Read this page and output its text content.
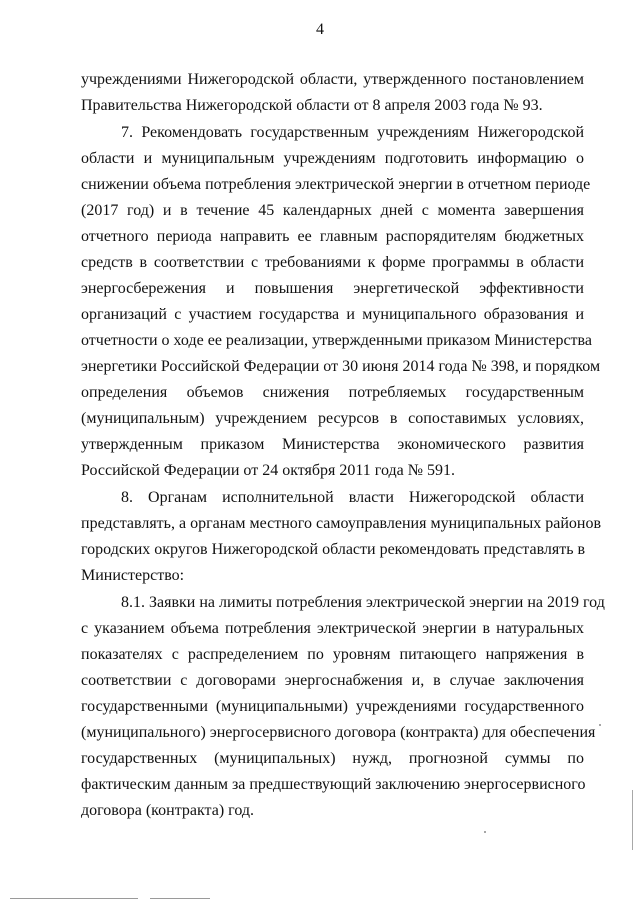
4
учреждениями Нижегородской области, утвержденного постановлением
Правительства Нижегородской области от 8 апреля 2003 года № 93.
7. Рекомендовать государственным учреждениям Нижегородской
области и муниципальным учреждениям подготовить информацию о
снижении объема потребления электрической энергии в отчетном периоде
(2017 год) и в течение 45 календарных дней с момента завершения
отчетного периода направить ее главным распорядителям бюджетных
средств в соответствии с требованиями к форме программы в области
энергосбережения и повышения энергетической эффективности
организаций с участием государства и муниципального образования и
отчетности о ходе ее реализации, утвержденными приказом Министерства
энергетики Российской Федерации от 30 июня 2014 года № 398, и порядком
определения объемов снижения потребляемых государственным
(муниципальным) учреждением ресурсов в сопоставимых условиях,
утвержденным приказом Министерства экономического развития
Российской Федерации от 24 октября 2011 года № 591.
8. Органам исполнительной власти Нижегородской области
представлять, а органам местного самоуправления муниципальных районов
городских округов Нижегородской области рекомендовать представлять в
Министерство:
8.1. Заявки на лимиты потребления электрической энергии на 2019 год
с указанием объема потребления электрической энергии в натуральных
показателях с распределением по уровням питающего напряжения в
соответствии с договорами энергоснабжения и, в случае заключения
государственными (муниципальными) учреждениями государственного
(муниципального) энергосервисного договора (контракта) для обеспечения
государственных (муниципальных) нужд, прогнозной суммы по
фактическим данным за предшествующий заключению энергосервисного
договора (контракта) год.
